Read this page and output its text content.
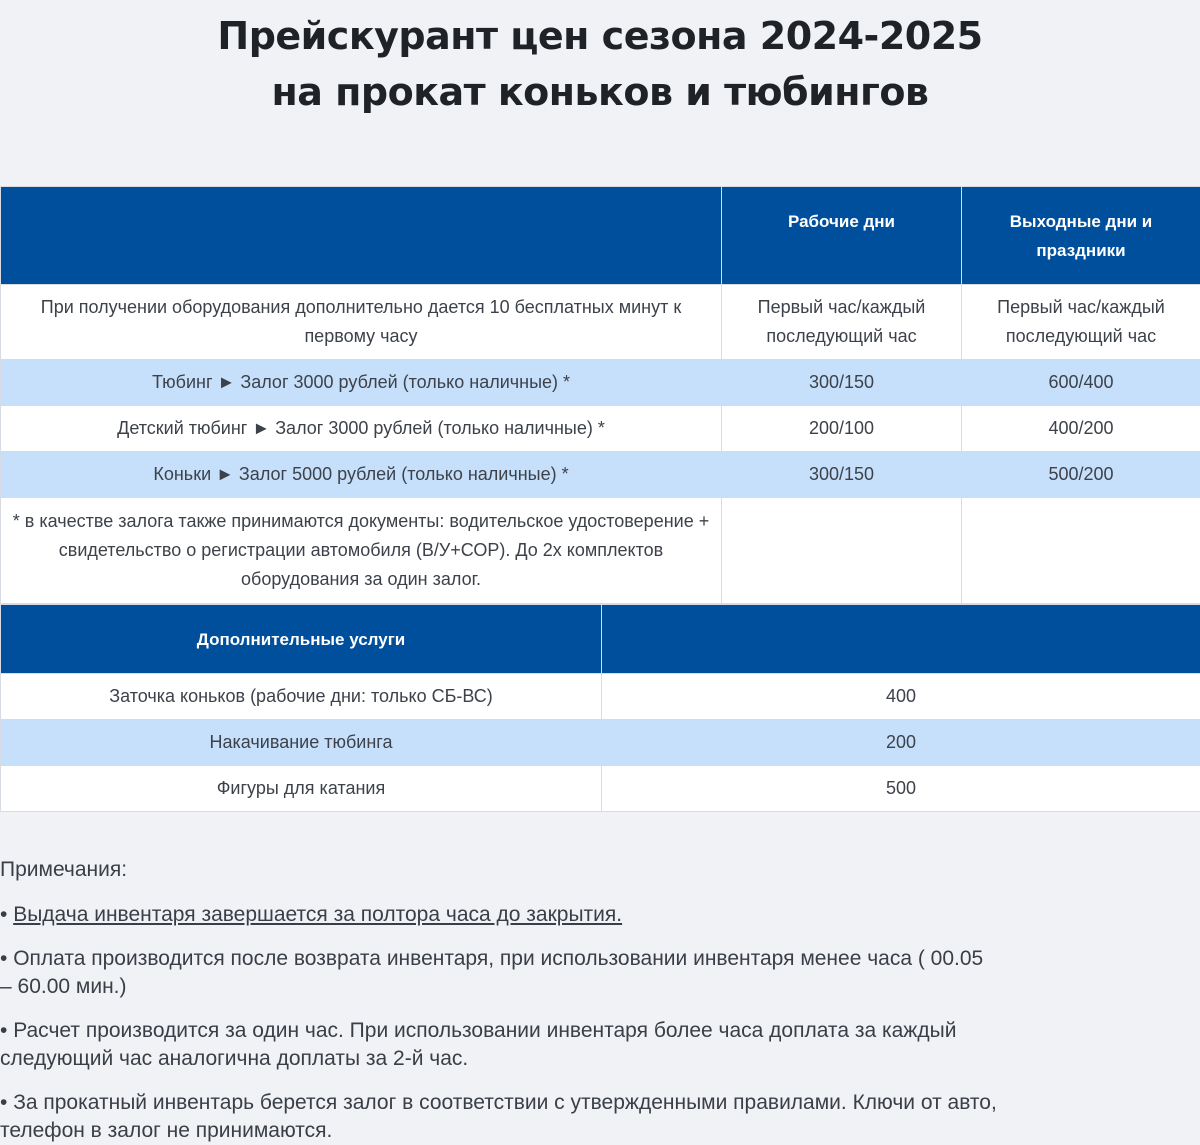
Прейскурант цен сезона 2024-2025
на прокат коньков и тюбингов
	Рабочие дни	Выходные дни и праздники
При получении оборудования дополнительно дается 10 бесплатных минут к первому часу	Первый час/каждый последующий час	Первый час/каждый последующий час
Тюбинг ► Залог 3000 рублей (только наличные) *	300/150	600/400
Детский тюбинг ► Залог 3000 рублей (только наличные) *	200/100	400/200
Коньки ► Залог 5000 рублей (только наличные) *	300/150	500/200
* в качестве залога также принимаются документы: водительское удостоверение + свидетельство о регистрации автомобиля (В/У+СОР). До 2х комплектов оборудования за один залог.		
Дополнительные услуги	
Заточка коньков (рабочие дни: только СБ-ВС)	400
Накачивание тюбинга	200
Фигуры для катания	500

Примечания:

• Выдача инвентаря завершается за полтора часа до закрытия.

• Оплата производится после возврата инвентаря, при использовании инвентаря менее часа ( 00.05 – 60.00 мин.)

• Расчет производится за один час. При использовании инвентаря более часа доплата за каждый следующий час аналогична доплаты за 2-й час.

• За прокатный инвентарь берется залог в соответствии с утвержденными правилами. Ключи от авто, телефон в залог не принимаются.
